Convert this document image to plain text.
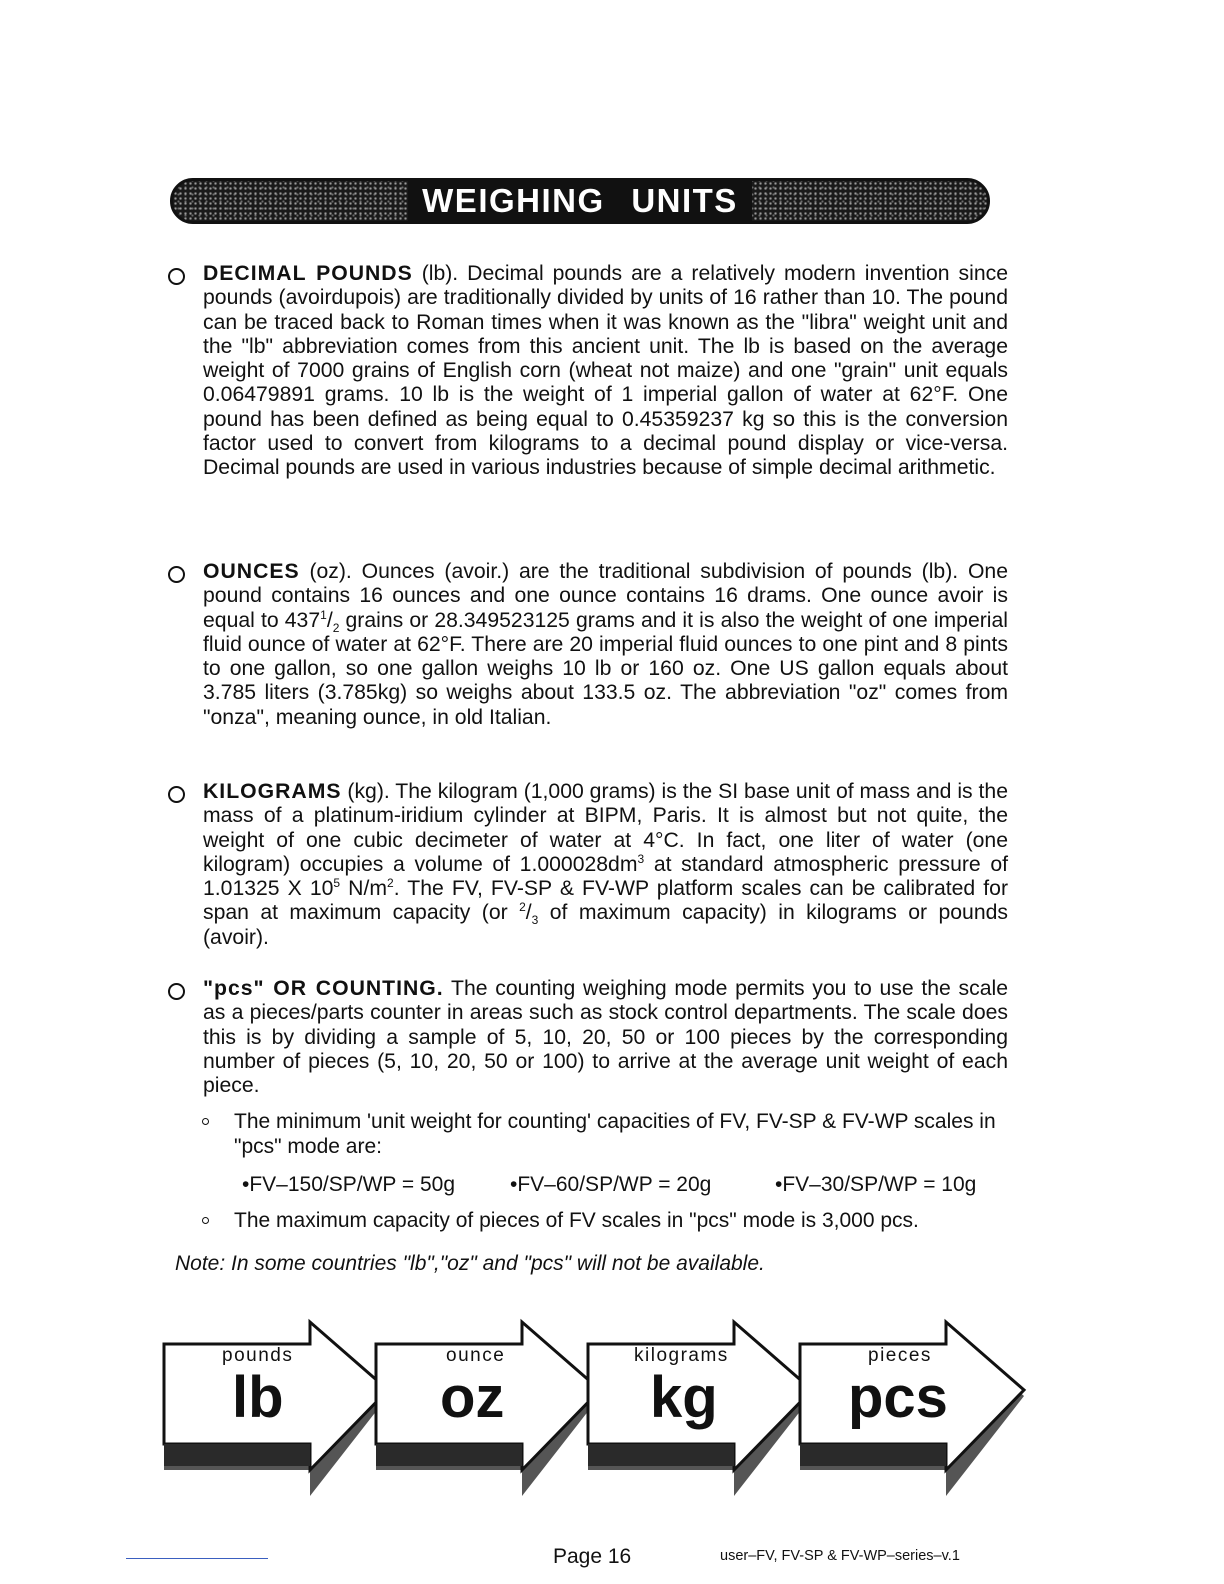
WEIGHING UNITS
DECIMAL POUNDS (lb). Decimal pounds are a relatively modern invention since pounds (avoirdupois) are traditionally divided by units of 16 rather than 10. The pound can be traced back to Roman times when it was known as the "libra" weight unit and the "lb" abbreviation comes from this ancient unit. The lb is based on the average weight of 7000 grains of English corn (wheat not maize) and one "grain" unit equals 0.06479891 grams. 10 lb is the weight of 1 imperial gallon of water at 62°F. One pound has been defined as being equal to 0.45359237 kg so this is the conversion factor used to convert from kilograms to a decimal pound display or vice-versa. Decimal pounds are used in various industries because of simple decimal arithmetic.
OUNCES (oz). Ounces (avoir.) are the traditional subdivision of pounds (lb). One pound contains 16 ounces and one ounce contains 16 drams. One ounce avoir is equal to $437^1/_2$ grains or 28.349523125 grams and it is also the weight of one imperial fluid ounce of water at 62°F. There are 20 imperial fluid ounces to one pint and 8 pints to one gallon, so one gallon weighs 10 lb or 160 oz. One US gallon equals about 3.785 liters (3.785kg) so weighs about 133.5 oz. The abbreviation "oz" comes from "onza", meaning ounce, in old Italian.
KILOGRAMS (kg). The kilogram (1,000 grams) is the SI base unit of mass and is the mass of a platinum-iridium cylinder at BIPM, Paris. It is almost but not quite, the weight of one cubic decimeter of water at 4°C. In fact, one liter of water (one kilogram) occupies a volume of $1.000028dm^3$ at standard atmospheric pressure of 1.01325 X $10^5$ $N/m^2$. The FV, FV-SP & FV-WP platform scales can be calibrated for span at maximum capacity (or $^2/_3$ of maximum capacity) in kilograms or pounds (avoir).
"pcs" OR COUNTING. The counting weighing mode permits you to use the scale as a pieces/parts counter in areas such as stock control departments. The scale does this is by dividing a sample of 5, 10, 20, 50 or 100 pieces by the corresponding number of pieces (5, 10, 20, 50 or 100) to arrive at the average unit weight of each piece.
The minimum 'unit weight for counting' capacities of FV, FV-SP & FV-WP scales in "pcs" mode are:
•FV–150/SP/WP = 50g	•FV–60/SP/WP = 20g	•FV–30/SP/WP = 10g
The maximum capacity of pieces of FV scales in "pcs" mode is 3,000 pcs.
Note: In some countries "lb","oz" and "pcs" will not be available.
pounds
lb
ounce
oz
kilograms
kg
pieces
pcs
Page 16	user–FV, FV-SP & FV-WP–series–v.1
